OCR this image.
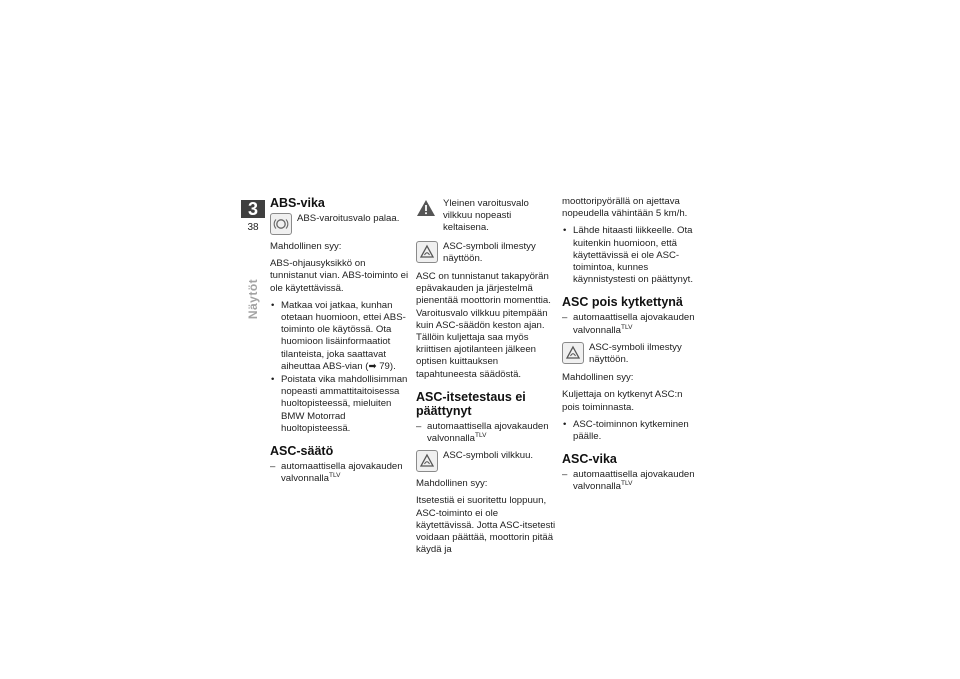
3
38
Näytöt
ABS-vika
ABS-varoitusvalo palaa.

Mahdollinen syy:

ABS-ohjausyksikkö on tunnistanut vian. ABS-toiminto ei ole käytettävissä.

• Matkaa voi jatkaa, kunhan otetaan huomioon, ettei ABS-toiminto ole käytössä. Ota huomioon lisäinformaatiot tilanteista, joka saattavat aiheuttaa ABS-vian (➡ 79).
• Poistata vika mahdollisimman nopeasti ammattitaitoisessa huoltopisteessä, mieluiten BMW Motorrad huoltopisteessä.
ASC-säätö
– automaattisella ajovakauden valvonnalla$^{TLV}$
Yleinen varoitusvalo vilkkuu nopeasti keltaisena.
ASC-symboli ilmestyy näyttöön.

ASC on tunnistanut takapyörän epävakauden ja järjestelmä pienentää moottorin momenttia. Varoitusvalo vilkkuu pitempään kuin ASC-säädön keston ajan. Tällöin kuljettaja saa myös kriittisen ajotilanteen jälkeen optisen kuittauksen tapahtuneesta säädöstä.

ASC-itsetestaus ei päättynyt
– automaattisella ajovakauden valvonnalla$^{TLV}$
ASC-symboli vilkkuu.

Mahdollinen syy:

Itsetestiä ei suoritettu loppuun, ASC-toiminto ei ole käytettävissä. Jotta ASC-itsetesti voidaan päättää, moottorin pitää käydä ja

moottoripyörällä on ajettava nopeudella vähintään 5 km/h.

• Lähde hitaasti liikkeelle. Ota kuitenkin huomioon, että käytettävissä ei ole ASC-toimintoa, kunnes käynnistystesti on päättynyt.
ASC pois kytkettynä
– automaattisella ajovakauden valvonnalla$^{TLV}$
ASC-symboli ilmestyy näyttöön.

Mahdollinen syy:

Kuljettaja on kytkenyt ASC:n pois toiminnasta.

• ASC-toiminnon kytkeminen päälle.
ASC-vika
– automaattisella ajovakauden valvonnalla$^{TLV}$
